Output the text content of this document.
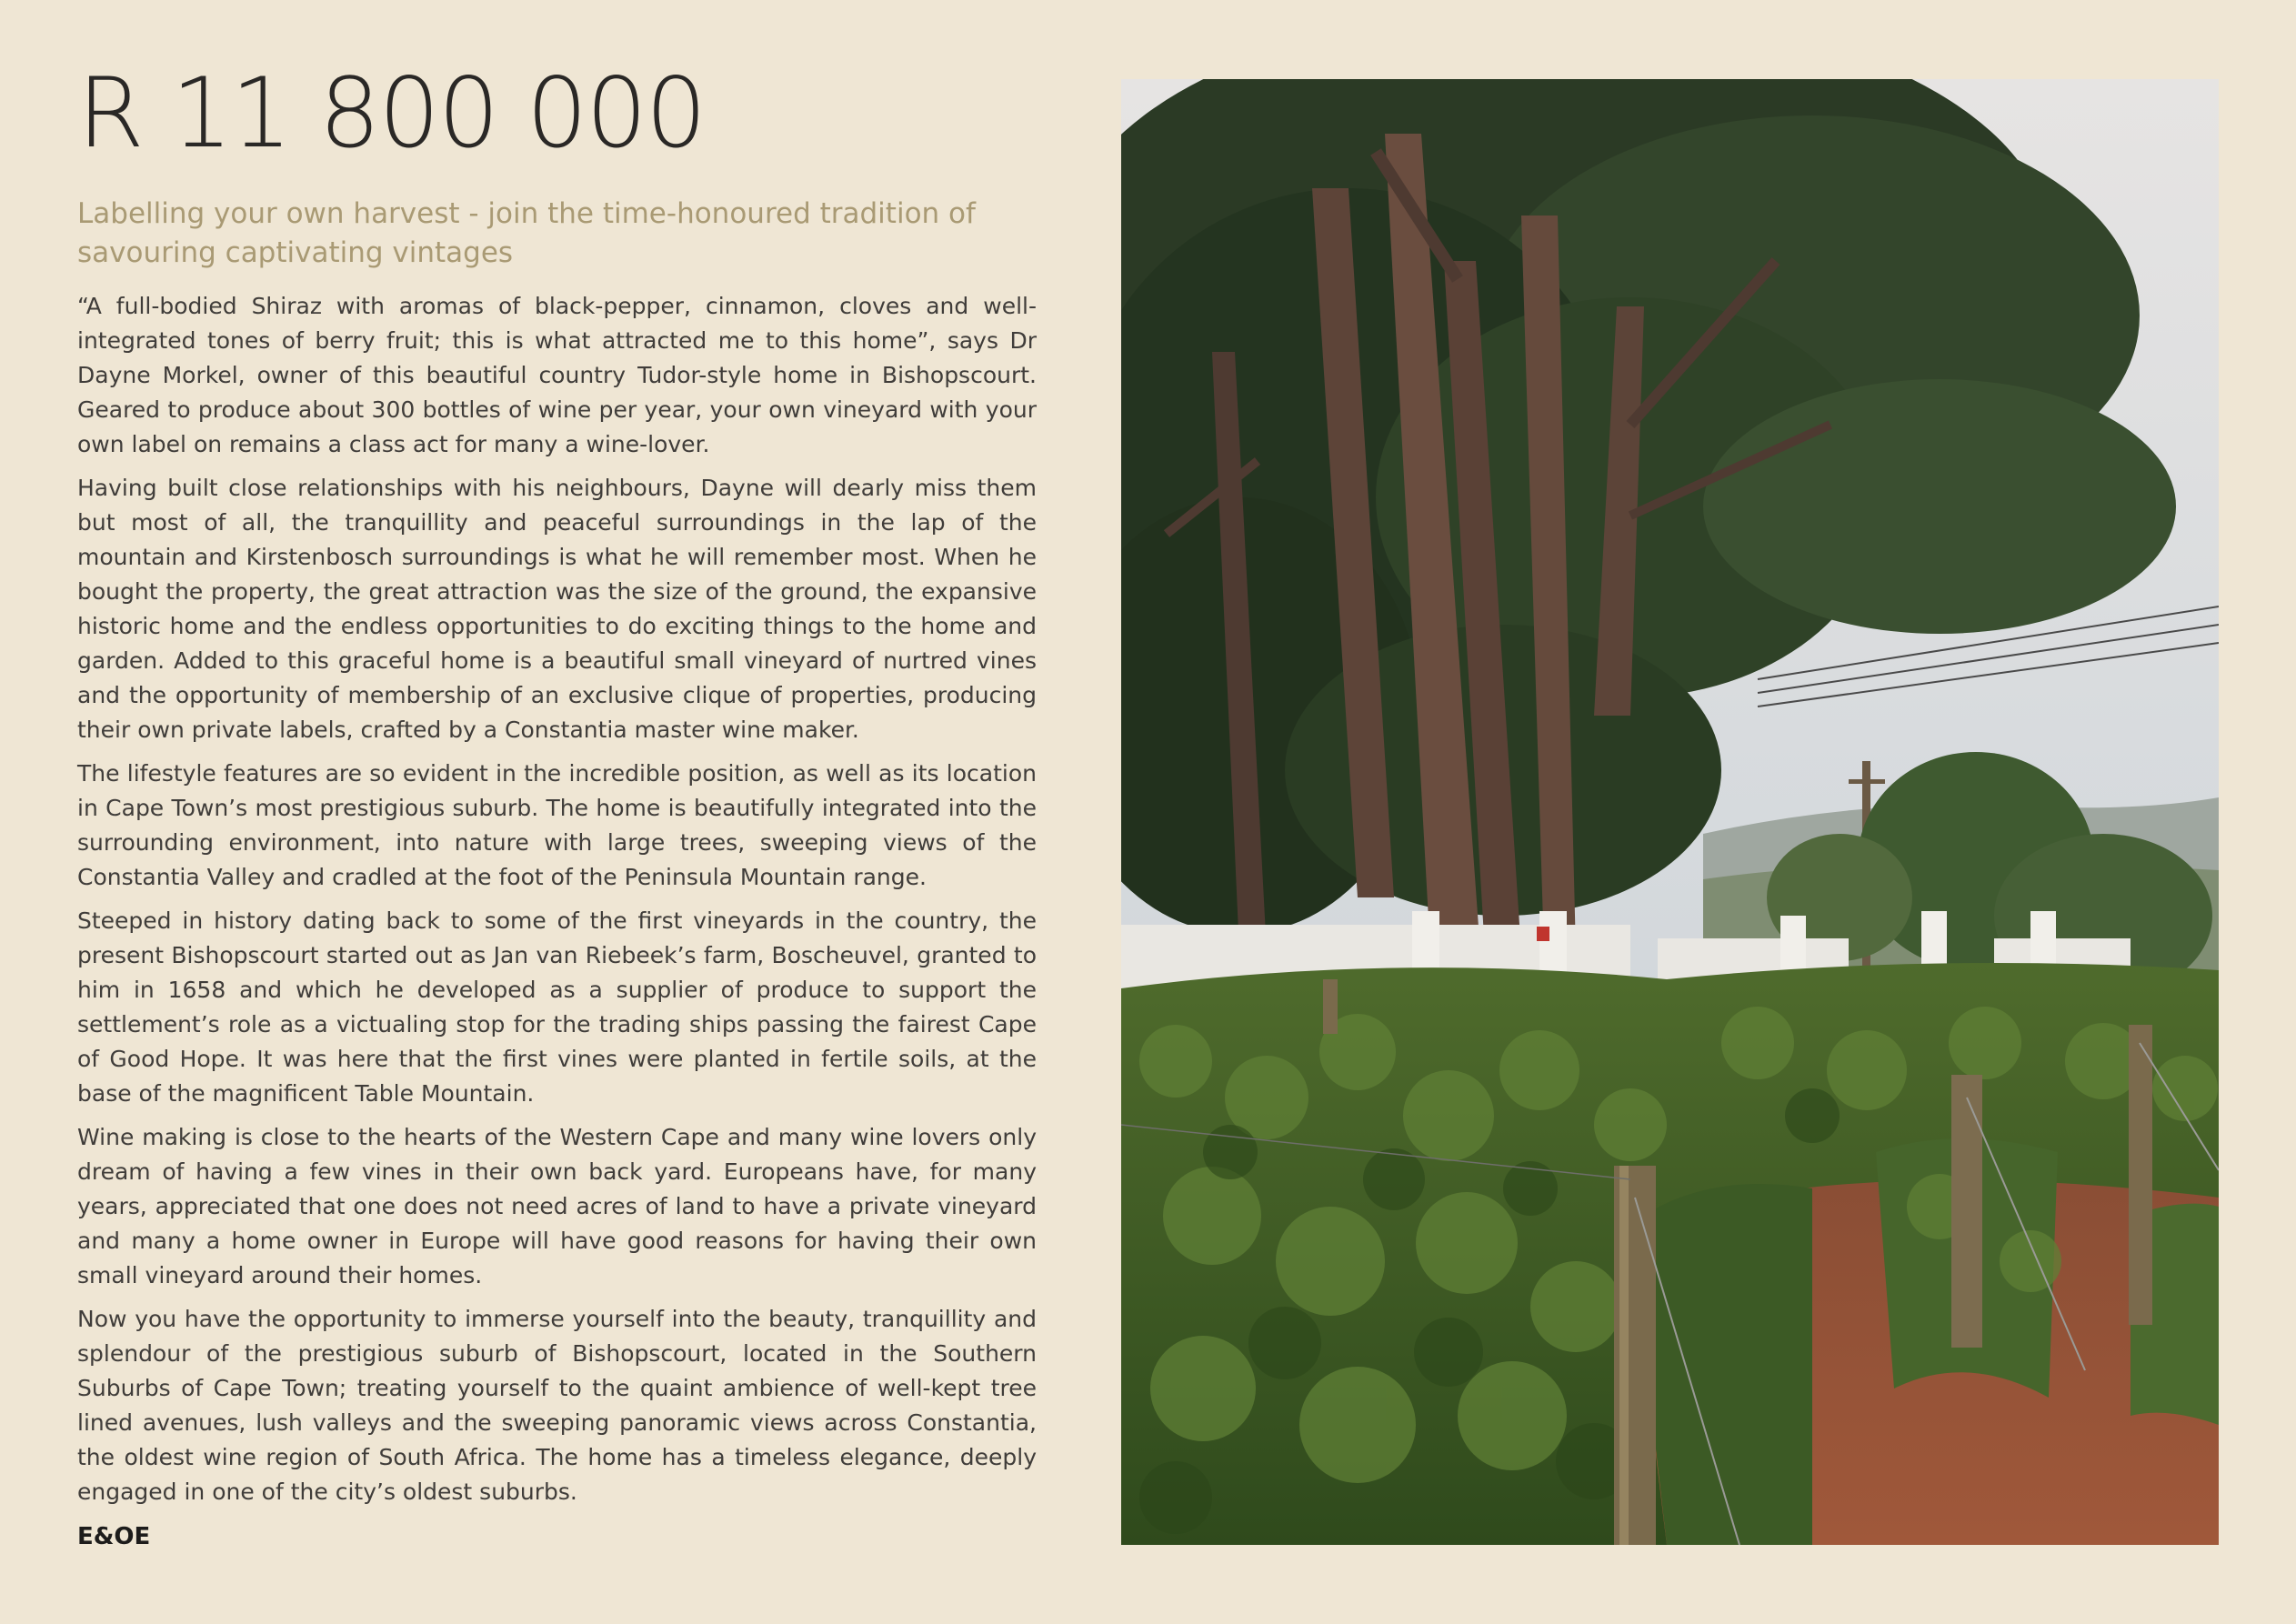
R 11 800 000
Labelling your own harvest - join the time-honoured tradition of savouring captivating vintages

“A full-bodied Shiraz with aromas of black-pepper, cinnamon, cloves and well-integrated tones of berry fruit; this is what attracted me to this home”, says Dr Dayne Morkel, owner of this beautiful country Tudor-style home in Bishopscourt. Geared to produce about 300 bottles of wine per year, your own vineyard with your own label on remains a class act for many a wine-lover.

Having built close relationships with his neighbours, Dayne will dearly miss them but most of all, the tranquillity and peaceful surroundings in the lap of the mountain and Kirstenbosch surroundings is what he will remember most. When he bought the property, the great attraction was the size of the ground, the expansive historic home and the endless opportunities to do exciting things to the home and garden. Added to this graceful home is a beautiful small vineyard of nurtred vines and the opportunity of membership of an exclusive clique of properties, producing their own private labels, crafted by a Constantia master wine maker.

The lifestyle features are so evident in the incredible position, as well as its location in Cape Town’s most prestigious suburb. The home is beautifully integrated into the surrounding environment, into nature with large trees, sweeping views of the Constantia Valley and cradled at the foot of the Peninsula Mountain range.

Steeped in history dating back to some of the first vineyards in the country, the present Bishopscourt started out as Jan van Riebeek’s farm, Boscheuvel, granted to him in 1658 and which he developed as a supplier of produce to support the settlement’s role as a victualing stop for the trading ships passing the fairest Cape of Good Hope. It was here that the first vines were planted in fertile soils, at the base of the magnificent Table Mountain.

Wine making is close to the hearts of the Western Cape and many wine lovers only dream of having a few vines in their own back yard. Europeans have, for many years, appreciated that one does not need acres of land to have a private vineyard and many a home owner in Europe will have good reasons for having their own small vineyard around their homes.

Now you have the opportunity to immerse yourself into the beauty, tranquillity and splendour of the prestigious suburb of Bishopscourt, located in the Southern Suburbs of Cape Town; treating yourself to the quaint ambience of well-kept tree lined avenues, lush valleys and the sweeping panoramic views across Constantia, the oldest wine region of South Africa. The home has a timeless elegance, deeply engaged in one of the city’s oldest suburbs.

E&OE
